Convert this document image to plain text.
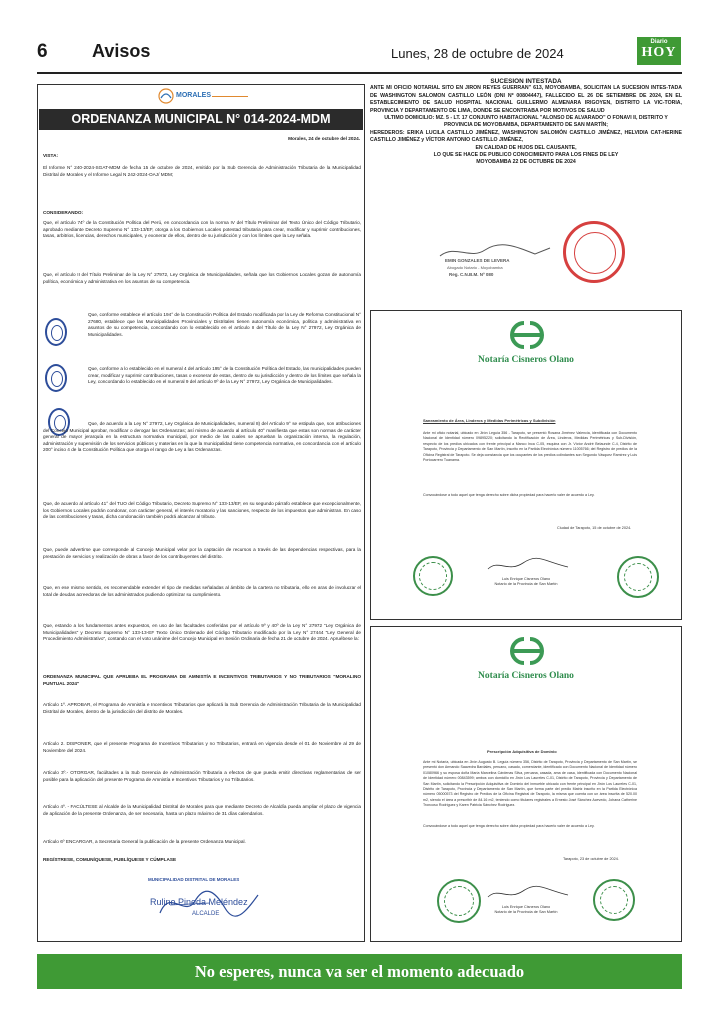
6 Avisos	Lunes, 28 de octubre de 2024
Diario
HOY
MORALES
ORDENANZA MUNICIPAL N° 014-2024-MDM
Morales, 24 de octubre del 2024.
VISTA:
El Informe N° 240-2024-SGAT-MDM de fecha 15 de octubre de 2024, emitido por la Sub Gerencia de Administración Tributaria de la Municipalidad Distrital de Morales y el Informe Legal N 242-2024-OAJ/ MDM;
CONSIDERANDO:
Que, el artículo 74º de la Constitución Política del Perú, en concordancia con la norma IV del Título Preliminar del Texto Único del Código Tributario, aprobado mediante Decreto Supremo N° 133-13/EF, otorga a los Gobiernos Locales potestad tributaria para crear, modificar y suprimir contribuciones, tasas, arbitrios, licencias, derechos municipales, y exonerar de ellos, dentro de su jurisdicción y con los límites que la Ley señala.
Que, el artículo II del Título Preliminar de la Ley N° 27972, Ley Orgánica de Municipalidades, señala que los Gobiernos Locales gozan de autonomía política, económica y administrativa en los asuntos de su competencia.
Que, conforme establece el artículo 194° de la Constitución Política del Estado modificada por la Ley de Reforma Constitucional N° 27680, establece que las Municipalidades Provinciales y Distritales tienen autonomía económica, política y administrativa en asuntos de su competencia, concordando con lo establecido en el artículo II del Título de la Ley N° 27972, Ley Orgánica de Municipalidades.
Que, conforme a lo establecido en el numeral 4 del artículo 195° de la Constitución Política del Estado, las municipalidades pueden crear, modificar y suprimir contribuciones, tasas o exonerar de estas, dentro de su jurisdicción y dentro de los límites que señala la Ley, concordando lo establecido en el numeral 9 del artículo 9º de la Ley N° 27972, Ley Orgánica de Municipalidades.
Que, de acuerdo a la Ley N° 27972, Ley Orgánica de Municipalidades, numeral 8) del Artículo 9° se estipula que, son atribuciones del Concejo Municipal aprobar, modificar o derogar las Ordenanzas; así mismo de acuerdo al artículo 40° manifiesta que estas son normas de carácter general de mayor jerarquía en la estructura normativa municipal, por medio de las cuales se aprueban la organización interna, la regulación, administración y supervisión de los servicios públicos y materias en la que la municipalidad tiene competencia normativa, en concordancia con el artículo 200° inciso 4 de la Constitución Política que otorga el rango de Ley a las Ordenanzas.
Que, de acuerdo al artículo 41° del TUO del Código Tributario, Decreto Supremo N° 133-13/EF, en su segundo párrafo establece que excepcionalmente, los Gobiernos Locales podrán condonar, con carácter general, el interés moratorio y las sanciones, respecto de los impuestos que administran. En caso de las contribuciones y tasas, dicha condonación también podrá alcanzar al tributo.
Que, puede advertirse que corresponde al Concejo Municipal velar por la captación de recursos a través de las dependencias respectivas, para la prestación de servicios y realización de obras a favor de los contribuyentes del distrito.
Que, en ese mismo sentido, es recomendable extender el tipo de medidas señaladas al ámbito de la cartera no tributaria, ello en aras de involucrar el total de deudas acreedoras de los administrados pudiendo optimizar su cumplimiento.
Que, estando a los fundamentos antes expuestos, en uso de las facultades conferidas por el artículo 9º y 40º de la Ley N° 27972 "Ley Orgánica de Municipalidades" y Decreto Supremo N° 133-13-EF Texto Único Ordenado del Código Tributario modificado por la Ley N° 27444 "Ley General de Procedimiento Administrativo", contando con el voto unánime del Concejo Municipal en Sesión Ordinaria de fecha 21 de octubre de 2024. Apruébese la:
ORDENANZA MUNICIPAL QUE APRUEBA EL PROGRAMA DE AMNISTÍA E INCENTIVOS TRIBUTARIOS Y NO TRIBUTARIOS "MORALINO PUNTUAL 2024"
Artículo 1º. APROBAR, el Programa de Amnistía e Incentivos Tributarios que aplicará la Sub Gerencia de Administración Tributaria de la Municipalidad Distrital de Morales, dentro de la jurisdicción del distrito de Morales.
Artículo 2. DISPONER, que el presente Programa de Incentivos Tributarios y no Tributarios, entrará en vigencia desde el 01 de Noviembre al 29 de Noviembre del 2024.
Artículo 3º.- OTORGAR, facúltades a la Sub Gerencia de Administración Tributaria a efectos de que pueda emitir directivas reglamentarias de ser posible para la aplicación del presente Programa de Amnistía e Incentivos Tributarios y no Tributarios.
Artículo 4º. - FACÚLTESE al Alcalde de la Municipalidad Distrital de Morales para que mediante Decreto de Alcaldía pueda ampliar el plazo de vigencia de aplicación de la presente Ordenanza, de ser necesaria, hasta un plazo máximo de 31 días calendarios.
Artículo 6º ENCARGAR, a Secretaria General la publicación de la presente Ordenanza Municipal.
REGÍSTRESE, COMUNÍQUESE, PUBLÍQUESE Y CÚMPLASE
MUNICIPALIDAD DISTRITAL DE MORALES
Rulino Pineda Meléndez
ALCALDE
SUCESION INTESTADA
ANTE MI OFICIO NOTARIAL SITO EN JIRON REYES GUERRAN" 613, MOYOBAMBA, SOLICITAN LA SUCESION INTES-TADA DE WASHINGTON SALOMON CASTILLO LEÓN (DNI Nº 00804447), FALLECIDO EL 26 DE SETIEMBRE DE 2024, EN EL ESTABLECIMIENTO DE SALUD HOSPITAL NACIONAL GUILLERMO ALMENARA IRIGOYEN, DISTRITO LA VIC-TORIA, PROVINCIA Y DEPARTAMENTO DE LIMA, DONDE SE ENCONTRABA POR MOTIVOS DE SALUD
ULTIMO DOMICILIO: MZ. 5 - LT. 17 CONJUNTO HABITACIONAL "ALONSO DE ALVARADO" O FONAVI II, DISTRITO Y PROVINCIA DE MOYOBAMBA, DEPARTAMENTO DE SAN MARTÍN;
HEREDEROS: ERIKA LUCILA CASTILLO JIMÉNEZ, WASHINGTON SALOMÓN CASTILLO JIMÉNEZ, HELVIDIA CAT-HERINE CASTILLO JIMÉNEZ y VÍCTOR ANTONIO CASTILLO JIMÉNEZ,
EN CALIDAD DE HIJOS DEL CAUSANTE,
LO QUE SE HACE DE PUBLICO CONOCIMIENTO PARA LOS FINES DE LEY
MOYOBAMBA 22 DE OCTUBRE DE 2024
EMIN GONZALES DE LEVERA
Abogado Notario - Moyobamba
Reg. C.N.B.M. Nº 080
Notaría Cisneros Olano
Saneamiento de Área, Linderos y Medidas Perimétricas y Subdivisión
Ante mi oficio notarial, ubicado en Jirón Leguía 356 - Tarapoto, se presentó Rosana Jiménez Valencia, identificada con Documento Nacional de Identidad número 09895220; solicitando la Rectificación de Área, Linderos, Medidas Perimétricas y Sub-División, respecto de los predios ubicados con frente principal a Manco Inca C-05, esquina con Jr. Víctor André Belaunde C-4, Distrito de Tarapoto, Provincia y Departamento de San Martín, inscrito en la Partida Electrónica número 11005766; del Registro de predios de la Oficina Registral de Tarapoto. Se deja constancia que los ocupantes de los predios colindantes son Segundo Vásquez Ramírez y Luis Portocarrero Tuanama.
Convocándose a todo aquel que tenga derecho sobre dicha propiedad para hacerlo valer de acuerdo a Ley.
Ciudad de Tarapoto, 15 de octubre de 2024.
Luis Enrique Cisneros Olano
Notario de la Provincia de San Martín
Notaría Cisneros Olano
Prescripción Adquisitiva de Dominio
Ante mi Notaría, ubicada en Jirón Augusto B. Leguía número 356, Distrito de Tarapoto, Provincia y Departamento de San Martín, se presentó don Armando Saavedra Bardales, peruano, casado, comerciante, identificado con Documento Nacional de Identidad número 01080966 y su esposa doña María Marcelina Cárdenas Silva, peruana, casada, ama de casa, identificada con Documento Nacional de Identidad número 00843599; ambos con domicilio en Jirón Los Laureles C-01, Distrito de Tarapoto, Provincia y Departamento de San Martín, solicitando la Prescripción Adquisitiva de Dominio del inmueble ubicado con frente principal en Jirón Los Laureles C-01, Distrito de Tarapoto, Provincia y Departamento de San Martín, que forma parte del predio Matriz inscrito en la Partida Electrónica número 05000573 del Registro de Predios de la Oficina Registral de Tarapoto, la misma que cuenta con un área inscrita de 520.00 m2, siendo el área a prescribir de 84.16 m2, teniendo como titulares registrales a Ernesto José Sánchez Acevedo, Johana Catherine Troncoso Rodríguez y Karen Patricia Sánchez Rodríguez.
Convocándose a todo aquel que tenga derecho sobre dicha propiedad para hacerlo valer de acuerdo a Ley.
Tarapoto, 23 de octubre de 2024.
Luis Enrique Cisneros Olano
Notario de la Provincia de San Martín
No esperes, nunca va ser el momento adecuado
